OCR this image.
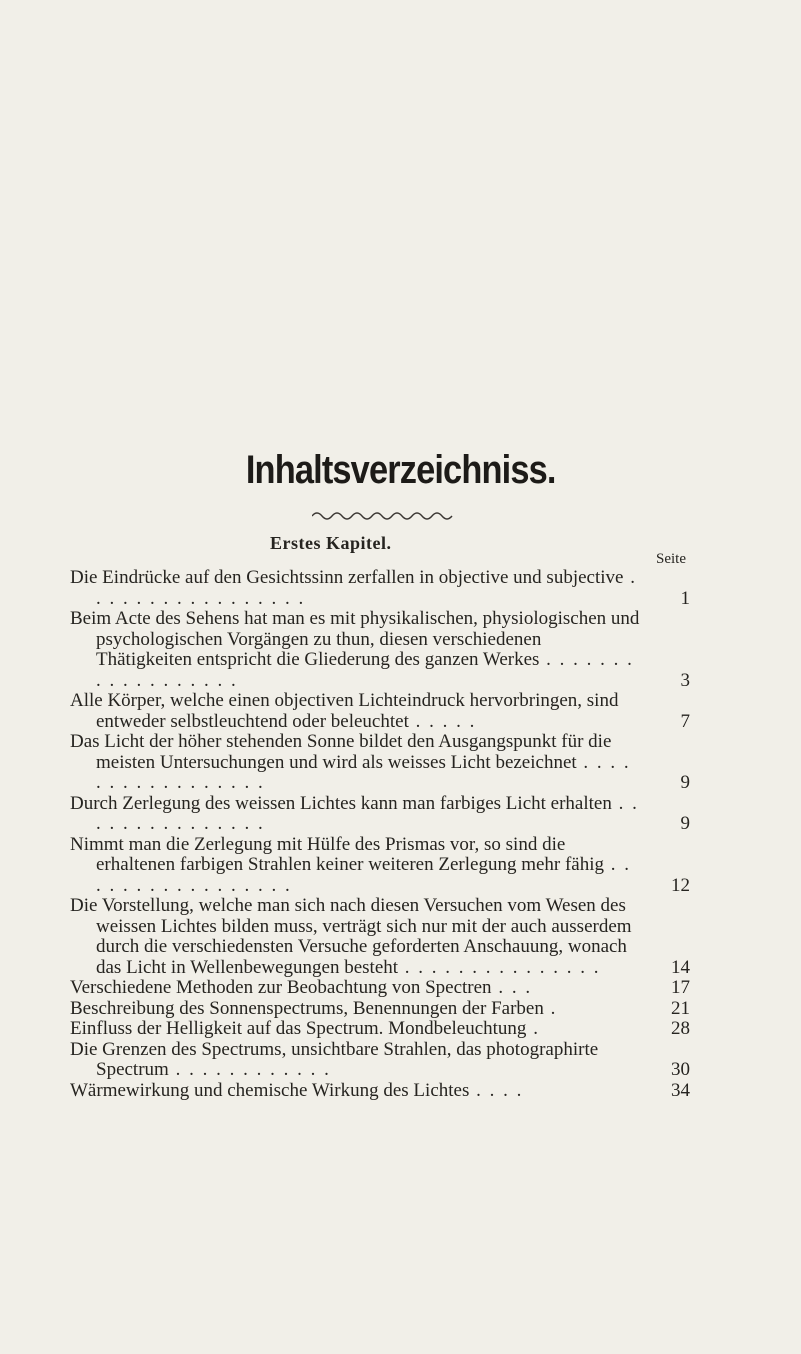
Inhaltsverzeichniss.
Erstes Kapitel.
Seite
Die Eindrücke auf den Gesichtssinn zerfallen in objective und subjective . . . . . . . . . . . . . . . . .	1
Beim Acte des Sehens hat man es mit physikalischen, physiologischen und psychologischen Vorgängen zu thun, diesen verschiedenen Thätigkeiten entspricht die Gliederung des ganzen Werkes . . . . . . . . . . . . . . . . . .	3
Alle Körper, welche einen objectiven Lichteindruck hervorbringen, sind entweder selbstleuchtend oder beleuchtet . . . . .	7
Das Licht der höher stehenden Sonne bildet den Ausgangspunkt für die meisten Untersuchungen und wird als weisses Licht bezeichnet . . . . . . . . . . . . . . . . .	9
Durch Zerlegung des weissen Lichtes kann man farbiges Licht erhalten . . . . . . . . . . . . . . .	9
Nimmt man die Zerlegung mit Hülfe des Prismas vor, so sind die erhaltenen farbigen Strahlen keiner weiteren Zerlegung mehr fähig . . . . . . . . . . . . . . . . .	12
Die Vorstellung, welche man sich nach diesen Versuchen vom Wesen des weissen Lichtes bilden muss, verträgt sich nur mit der auch ausserdem durch die verschiedensten Versuche geforderten Anschauung, wonach das Licht in Wellenbewegungen besteht . . . . . . . . . . . . . . .	14
Verschiedene Methoden zur Beobachtung von Spectren . . .	17
Beschreibung des Sonnenspectrums, Benennungen der Farben .	21
Einfluss der Helligkeit auf das Spectrum. Mondbeleuchtung .	28
Die Grenzen des Spectrums, unsichtbare Strahlen, das photographirte Spectrum . . . . . . . . . . . .	30
Wärmewirkung und chemische Wirkung des Lichtes . . . .	34
